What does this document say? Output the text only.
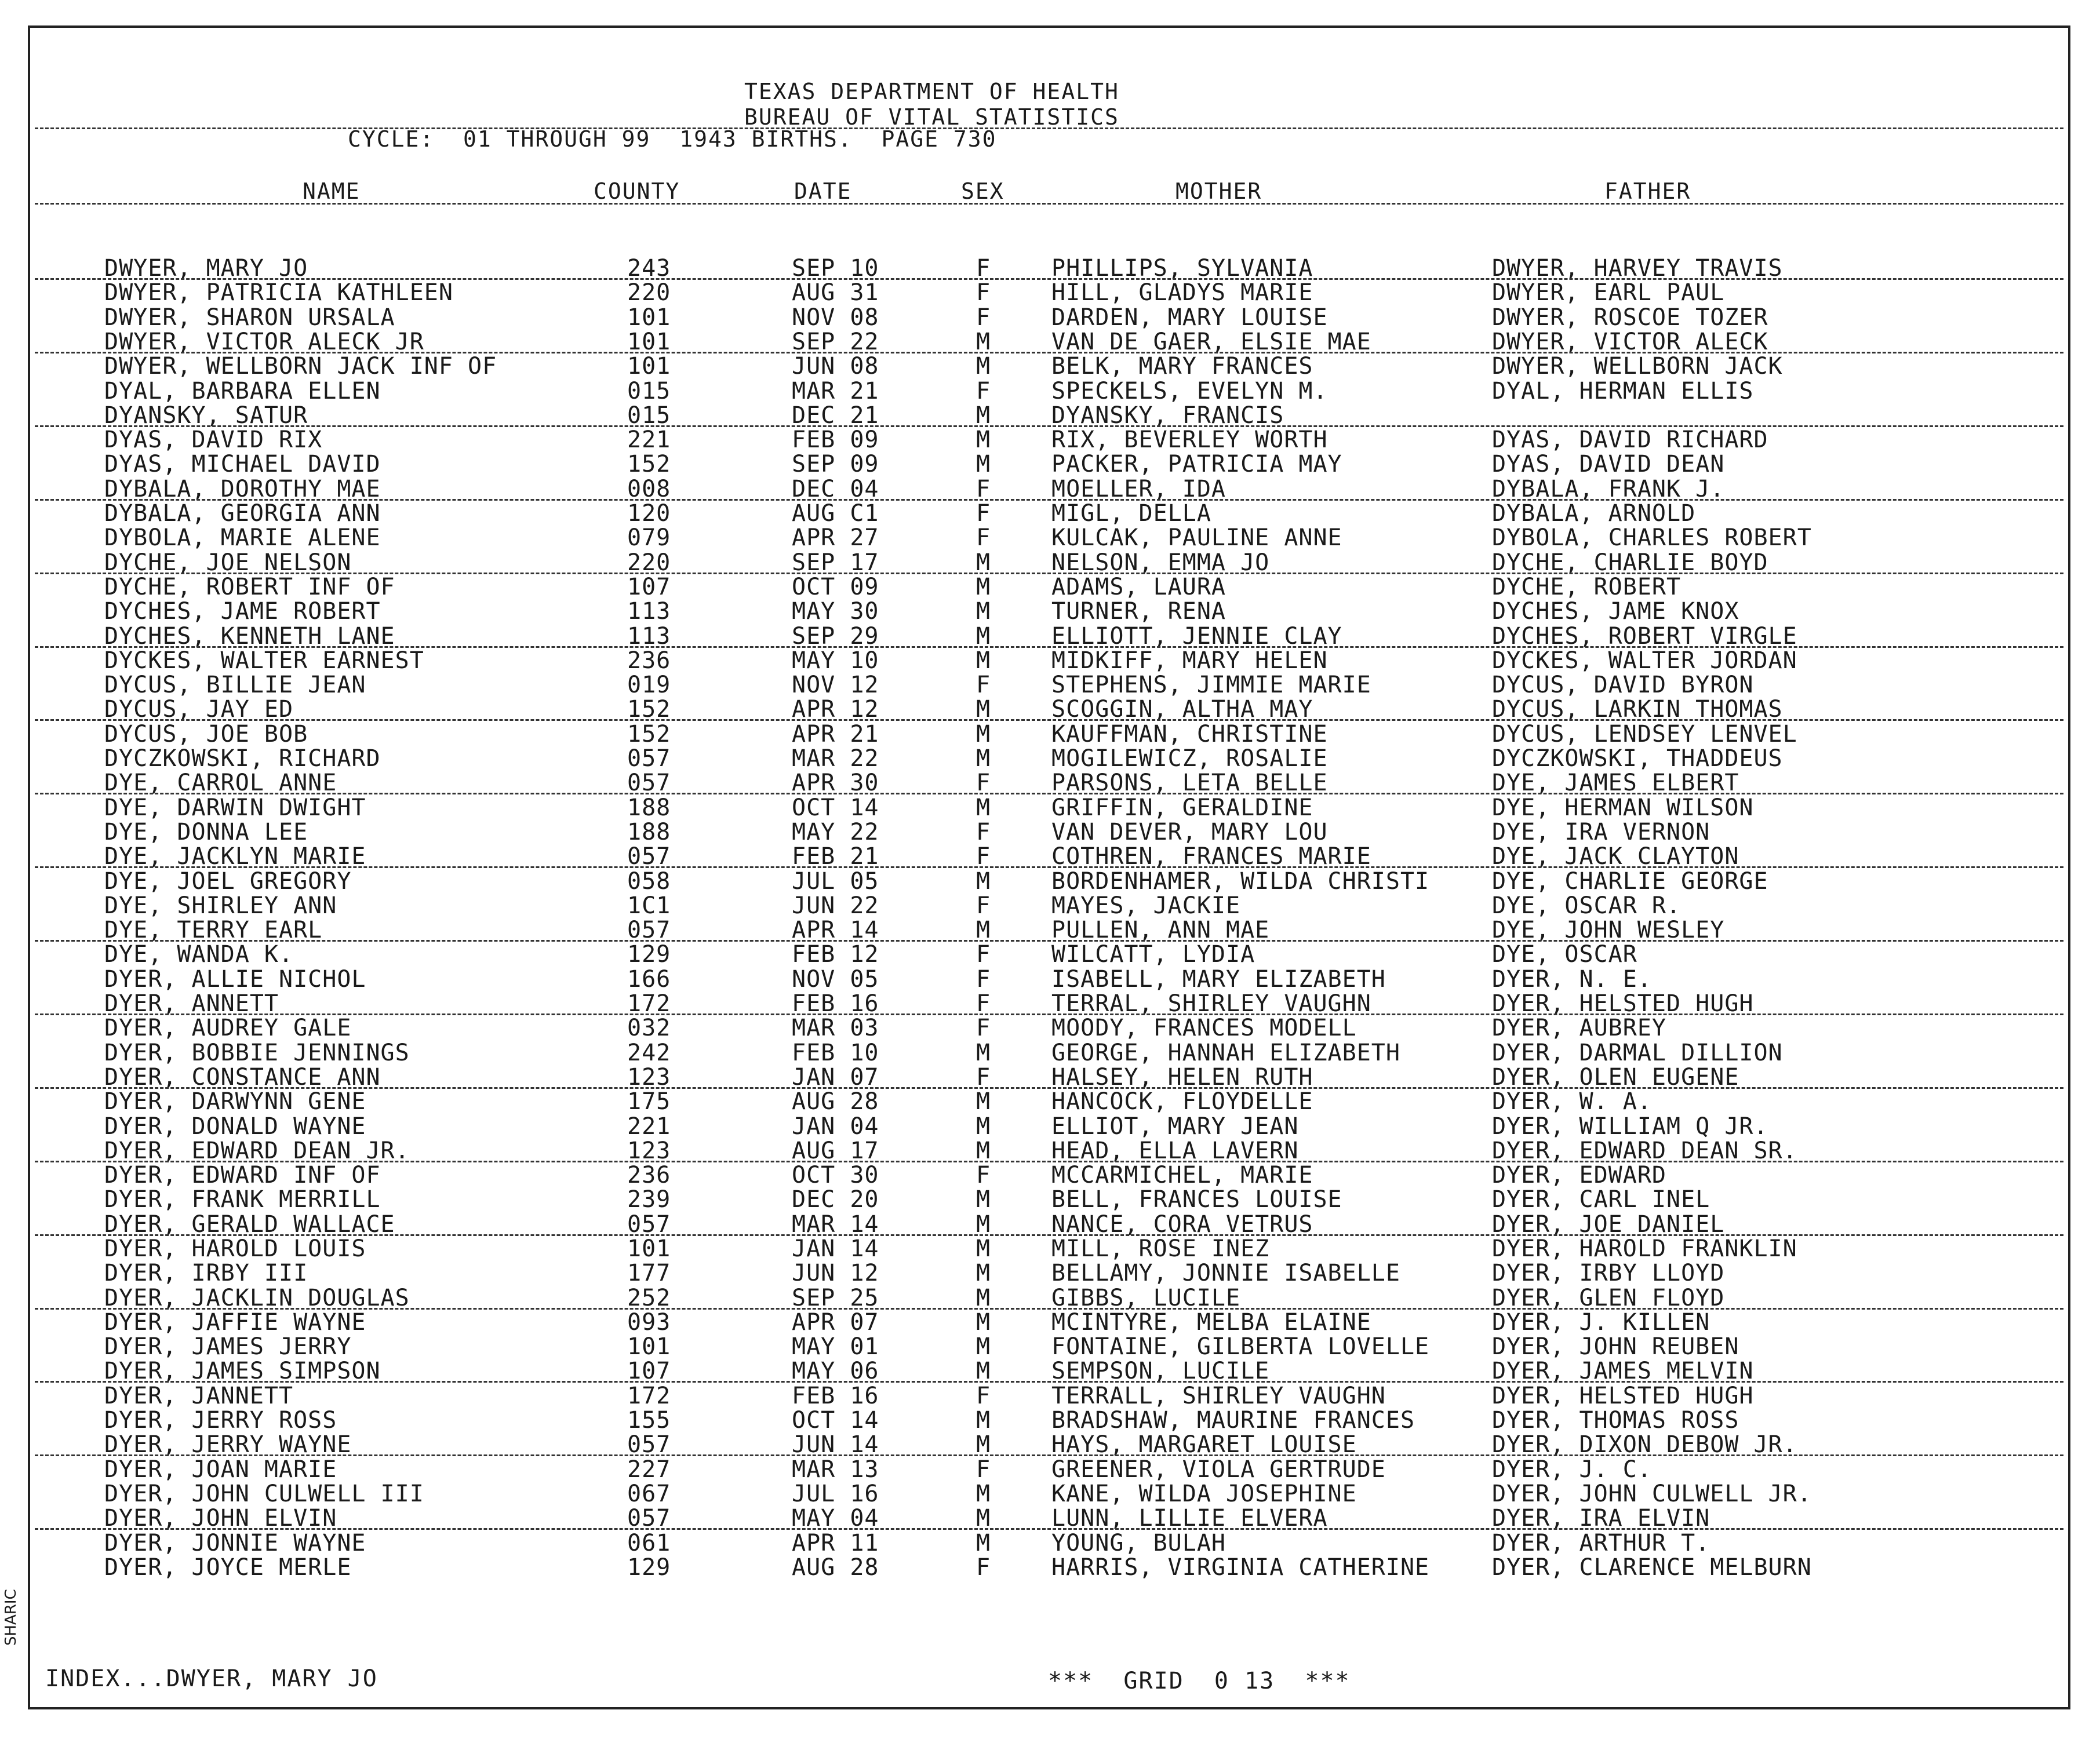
TEXAS DEPARTMENT OF HEALTH
BUREAU OF VITAL STATISTICS
CYCLE:  01 THROUGH 99  1943 BIRTHS.  PAGE 730
NAME	COUNTY	DATE	SEX	MOTHER	FATHER
DWYER, MARY JO	243	SEP 10	F	PHILLIPS, SYLVANIA	DWYER, HARVEY TRAVIS
DWYER, PATRICIA KATHLEEN	220	AUG 31	F	HILL, GLADYS MARIE	DWYER, EARL PAUL
DWYER, SHARON URSALA	101	NOV 08	F	DARDEN, MARY LOUISE	DWYER, ROSCOE TOZER
DWYER, VICTOR ALECK JR	101	SEP 22	M	VAN DE GAER, ELSIE MAE	DWYER, VICTOR ALECK
DWYER, WELLBORN JACK INF OF	101	JUN 08	M	BELK, MARY FRANCES	DWYER, WELLBORN JACK
DYAL, BARBARA ELLEN	015	MAR 21	F	SPECKELS, EVELYN M.	DYAL, HERMAN ELLIS
DYANSKY, SATUR	015	DEC 21	M	DYANSKY, FRANCIS
DYAS, DAVID RIX	221	FEB 09	M	RIX, BEVERLEY WORTH	DYAS, DAVID RICHARD
DYAS, MICHAEL DAVID	152	SEP 09	M	PACKER, PATRICIA MAY	DYAS, DAVID DEAN
DYBALA, DOROTHY MAE	008	DEC 04	F	MOELLER, IDA	DYBALA, FRANK J.
DYBALA, GEORGIA ANN	120	AUG C1	F	MIGL, DELLA	DYBALA, ARNOLD
DYBOLA, MARIE ALENE	079	APR 27	F	KULCAK, PAULINE ANNE	DYBOLA, CHARLES ROBERT
DYCHE, JOE NELSON	220	SEP 17	M	NELSON, EMMA JO	DYCHE, CHARLIE BOYD
DYCHE, ROBERT INF OF	107	OCT 09	M	ADAMS, LAURA	DYCHE, ROBERT
DYCHES, JAME ROBERT	113	MAY 30	M	TURNER, RENA	DYCHES, JAME KNOX
DYCHES, KENNETH LANE	113	SEP 29	M	ELLIOTT, JENNIE CLAY	DYCHES, ROBERT VIRGLE
DYCKES, WALTER EARNEST	236	MAY 10	M	MIDKIFF, MARY HELEN	DYCKES, WALTER JORDAN
DYCUS, BILLIE JEAN	019	NOV 12	F	STEPHENS, JIMMIE MARIE	DYCUS, DAVID BYRON
DYCUS, JAY ED	152	APR 12	M	SCOGGIN, ALTHA MAY	DYCUS, LARKIN THOMAS
DYCUS, JOE BOB	152	APR 21	M	KAUFFMAN, CHRISTINE	DYCUS, LENDSEY LENVEL
DYCZKOWSKI, RICHARD	057	MAR 22	M	MOGILEWICZ, ROSALIE	DYCZKOWSKI, THADDEUS
DYE, CARROL ANNE	057	APR 30	F	PARSONS, LETA BELLE	DYE, JAMES ELBERT
DYE, DARWIN DWIGHT	188	OCT 14	M	GRIFFIN, GERALDINE	DYE, HERMAN WILSON
DYE, DONNA LEE	188	MAY 22	F	VAN DEVER, MARY LOU	DYE, IRA VERNON
DYE, JACKLYN MARIE	057	FEB 21	F	COTHREN, FRANCES MARIE	DYE, JACK CLAYTON
DYE, JOEL GREGORY	058	JUL 05	M	BORDENHAMER, WILDA CHRISTI	DYE, CHARLIE GEORGE
DYE, SHIRLEY ANN	1C1	JUN 22	F	MAYES, JACKIE	DYE, OSCAR R.
DYE, TERRY EARL	057	APR 14	M	PULLEN, ANN MAE	DYE, JOHN WESLEY
DYE, WANDA K.	129	FEB 12	F	WILCATT, LYDIA	DYE, OSCAR
DYER, ALLIE NICHOL	166	NOV 05	F	ISABELL, MARY ELIZABETH	DYER, N. E.
DYER, ANNETT	172	FEB 16	F	TERRAL, SHIRLEY VAUGHN	DYER, HELSTED HUGH
DYER, AUDREY GALE	032	MAR 03	F	MOODY, FRANCES MODELL	DYER, AUBREY
DYER, BOBBIE JENNINGS	242	FEB 10	M	GEORGE, HANNAH ELIZABETH	DYER, DARMAL DILLION
DYER, CONSTANCE ANN	123	JAN 07	F	HALSEY, HELEN RUTH	DYER, OLEN EUGENE
DYER, DARWYNN GENE	175	AUG 28	M	HANCOCK, FLOYDELLE	DYER, W. A.
DYER, DONALD WAYNE	221	JAN 04	M	ELLIOT, MARY JEAN	DYER, WILLIAM Q JR.
DYER, EDWARD DEAN JR.	123	AUG 17	M	HEAD, ELLA LAVERN	DYER, EDWARD DEAN SR.
DYER, EDWARD INF OF	236	OCT 30	F	MCCARMICHEL, MARIE	DYER, EDWARD
DYER, FRANK MERRILL	239	DEC 20	M	BELL, FRANCES LOUISE	DYER, CARL INEL
DYER, GERALD WALLACE	057	MAR 14	M	NANCE, CORA VETRUS	DYER, JOE DANIEL
DYER, HAROLD LOUIS	101	JAN 14	M	MILL, ROSE INEZ	DYER, HAROLD FRANKLIN
DYER, IRBY III	177	JUN 12	M	BELLAMY, JONNIE ISABELLE	DYER, IRBY LLOYD
DYER, JACKLIN DOUGLAS	252	SEP 25	M	GIBBS, LUCILE	DYER, GLEN FLOYD
DYER, JAFFIE WAYNE	093	APR 07	M	MCINTYRE, MELBA ELAINE	DYER, J. KILLEN
DYER, JAMES JERRY	101	MAY 01	M	FONTAINE, GILBERTA LOVELLE	DYER, JOHN REUBEN
DYER, JAMES SIMPSON	107	MAY 06	M	SEMPSON, LUCILE	DYER, JAMES MELVIN
DYER, JANNETT	172	FEB 16	F	TERRALL, SHIRLEY VAUGHN	DYER, HELSTED HUGH
DYER, JERRY ROSS	155	OCT 14	M	BRADSHAW, MAURINE FRANCES	DYER, THOMAS ROSS
DYER, JERRY WAYNE	057	JUN 14	M	HAYS, MARGARET LOUISE	DYER, DIXON DEBOW JR.
DYER, JOAN MARIE	227	MAR 13	F	GREENER, VIOLA GERTRUDE	DYER, J. C.
DYER, JOHN CULWELL III	067	JUL 16	M	KANE, WILDA JOSEPHINE	DYER, JOHN CULWELL JR.
DYER, JOHN ELVIN	057	MAY 04	M	LUNN, LILLIE ELVERA	DYER, IRA ELVIN
DYER, JONNIE WAYNE	061	APR 11	M	YOUNG, BULAH	DYER, ARTHUR T.
DYER, JOYCE MERLE	129	AUG 28	F	HARRIS, VIRGINIA CATHERINE	DYER, CLARENCE MELBURN
SHARIC
INDEX...DWYER, MARY JO	***  GRID  0 13  ***
